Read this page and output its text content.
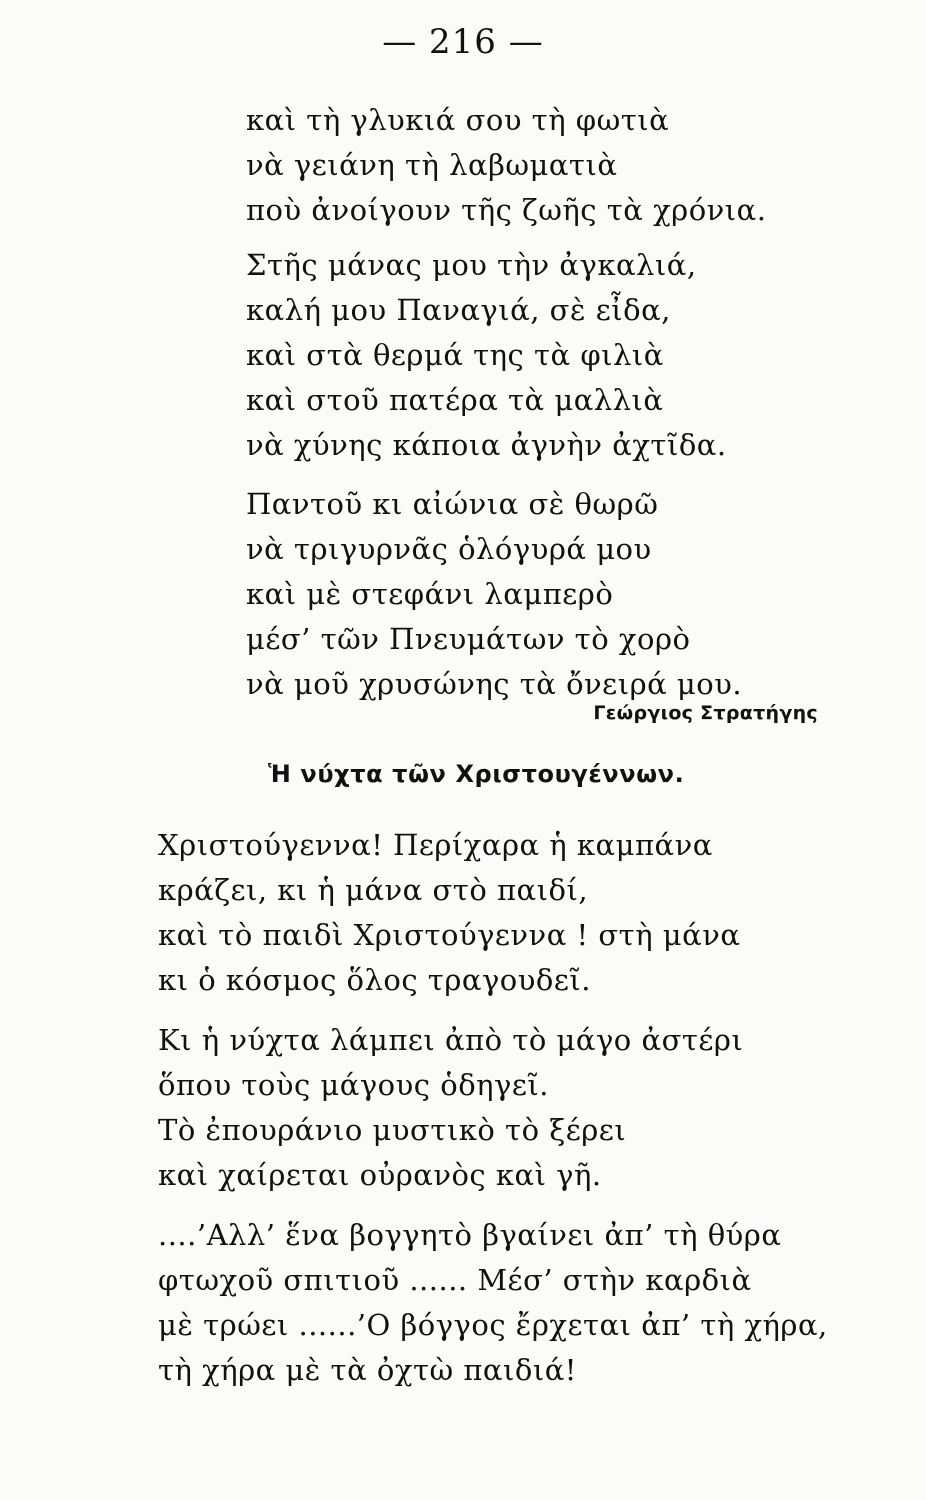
— 216 —
καὶ τὴ γλυκιά σου τὴ φωτιὰ
νὰ γειάνη τὴ λαβωματιὰ
ποὺ ἀνοίγουν τῆς ζωῆς τὰ χρόνια.
Στῆς μάνας μου τὴν ἀγκαλιά,
καλή μου Παναγιά, σὲ εἶδα,
καὶ στὰ θερμά της τὰ φιλιὰ
καὶ στοῦ πατέρα τὰ μαλλιὰ
νὰ χύνης κάποια ἀγνὴν ἀχτῖδα.
Παντοῦ κι αἰώνια σὲ θωρῶ
νὰ τριγυρνᾶς ὁλόγυρά μου
καὶ μὲ στεφάνι λαμπερὸ
μέσ’ τῶν Πνευμάτων τὸ χορὸ
νὰ μοῦ χρυσώνης τὰ ὄνειρά μου.
Γεώργιος Στρατήγης
Ἡ νύχτα τῶν Χριστουγέννων.
Χριστούγεννα! Περίχαρα ἡ καμπάνα
κράζει, κι ἡ μάνα στὸ παιδί,
καὶ τὸ παιδὶ Χριστούγεννα ! στὴ μάνα
κι ὁ κόσμος ὅλος τραγουδεῖ.
Κι ἡ νύχτα λάμπει ἀπὸ τὸ μάγο ἀστέρι
ὅπου τοὺς μάγους ὁδηγεῖ.
Τὸ ἐπουράνιο μυστικὸ τὸ ξέρει
καὶ χαίρεται οὐρανὸς καὶ γῆ.
....’Αλλ’ ἕνα βογγητὸ βγαίνει ἀπ’ τὴ θύρα
φτωχοῦ σπιτιοῦ ...... Μέσ’ στὴν καρδιὰ
μὲ τρώει ......’Ο βόγγος ἔρχεται ἀπ’ τὴ χήρα,
τὴ χήρα μὲ τὰ ὀχτὼ παιδιά!
